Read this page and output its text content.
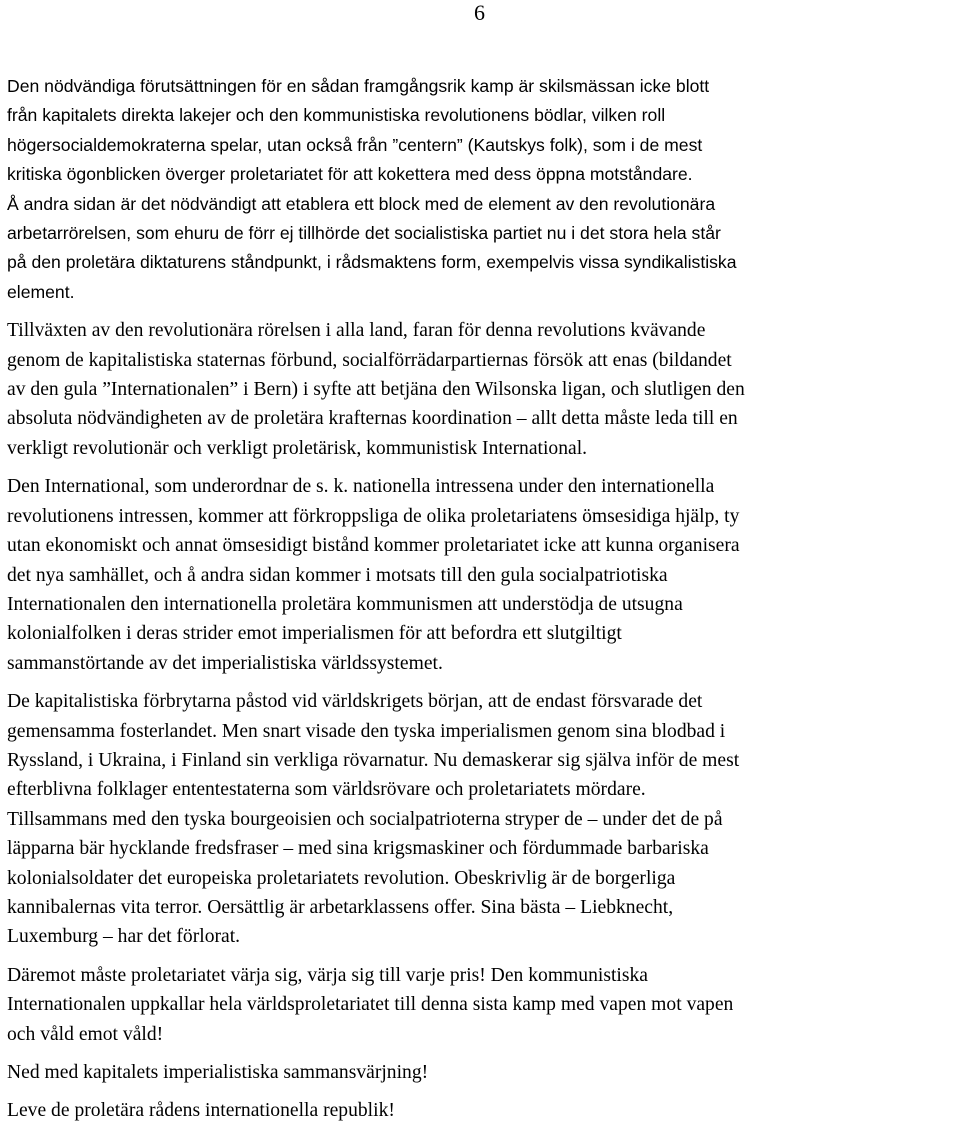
6

Den nödvändiga förutsättningen för en sådan framgångsrik kamp är skilsmässan icke blott
från kapitalets direkta lakejer och den kommunistiska revolutionens bödlar, vilken roll
högersocialdemokraterna spelar, utan också från ”centern” (Kautskys folk), som i de mest
kritiska ögonblicken överger proletariatet för att kokettera med dess öppna motståndare.

Å andra sidan är det nödvändigt att etablera ett block med de element av den revolutionära
arbetarrörelsen, som ehuru de förr ej tillhörde det socialistiska partiet nu i det stora hela står
på den proletära diktaturens ståndpunkt, i rådsmaktens form, exempelvis vissa syndikalistiska
element.

Tillväxten av den revolutionära rörelsen i alla land, faran för denna revolutions kvävande
genom de kapitalistiska staternas förbund, socialförrädarpartiernas försök att enas (bildandet
av den gula ”Internationalen” i Bern) i syfte att betjäna den Wilsonska ligan, och slutligen den
absoluta nödvändigheten av de proletära krafternas koordination – allt detta måste leda till en
verkligt revolutionär och verkligt proletärisk, kommunistisk International.

Den International, som underordnar de s. k. nationella intressena under den internationella
revolutionens intressen, kommer att förkroppsliga de olika proletariatens ömsesidiga hjälp, ty
utan ekonomiskt och annat ömsesidigt bistånd kommer proletariatet icke att kunna organisera
det nya samhället, och å andra sidan kommer i motsats till den gula socialpatriotiska
Internationalen den internationella proletära kommunismen att understödja de utsugna
kolonialfolken i deras strider emot imperialismen för att befordra ett slutgiltigt
sammanstörtande av det imperialistiska världssystemet.

De kapitalistiska förbrytarna påstod vid världskrigets början, att de endast försvarade det
gemensamma fosterlandet. Men snart visade den tyska imperialismen genom sina blodbad i
Ryssland, i Ukraina, i Finland sin verkliga rövarnatur. Nu demaskerar sig själva inför de mest
efterblivna folklager ententestaterna som världsrövare och proletariatets mördare.
Tillsammans med den tyska bourgeoisien och socialpatrioterna stryper de – under det de på
läpparna bär hycklande fredsfraser – med sina krigsmaskiner och fördummade barbariska
kolonialsoldater det europeiska proletariatets revolution. Obeskrivlig är de borgerliga
kannibalernas vita terror. Oersättlig är arbetarklassens offer. Sina bästa – Liebknecht,
Luxemburg – har det förlorat.

Däremot måste proletariatet värja sig, värja sig till varje pris! Den kommunistiska
Internationalen uppkallar hela världsproletariatet till denna sista kamp med vapen mot vapen
och våld emot våld!

Ned med kapitalets imperialistiska sammansvärjning!

Leve de proletära rådens internationella republik!
